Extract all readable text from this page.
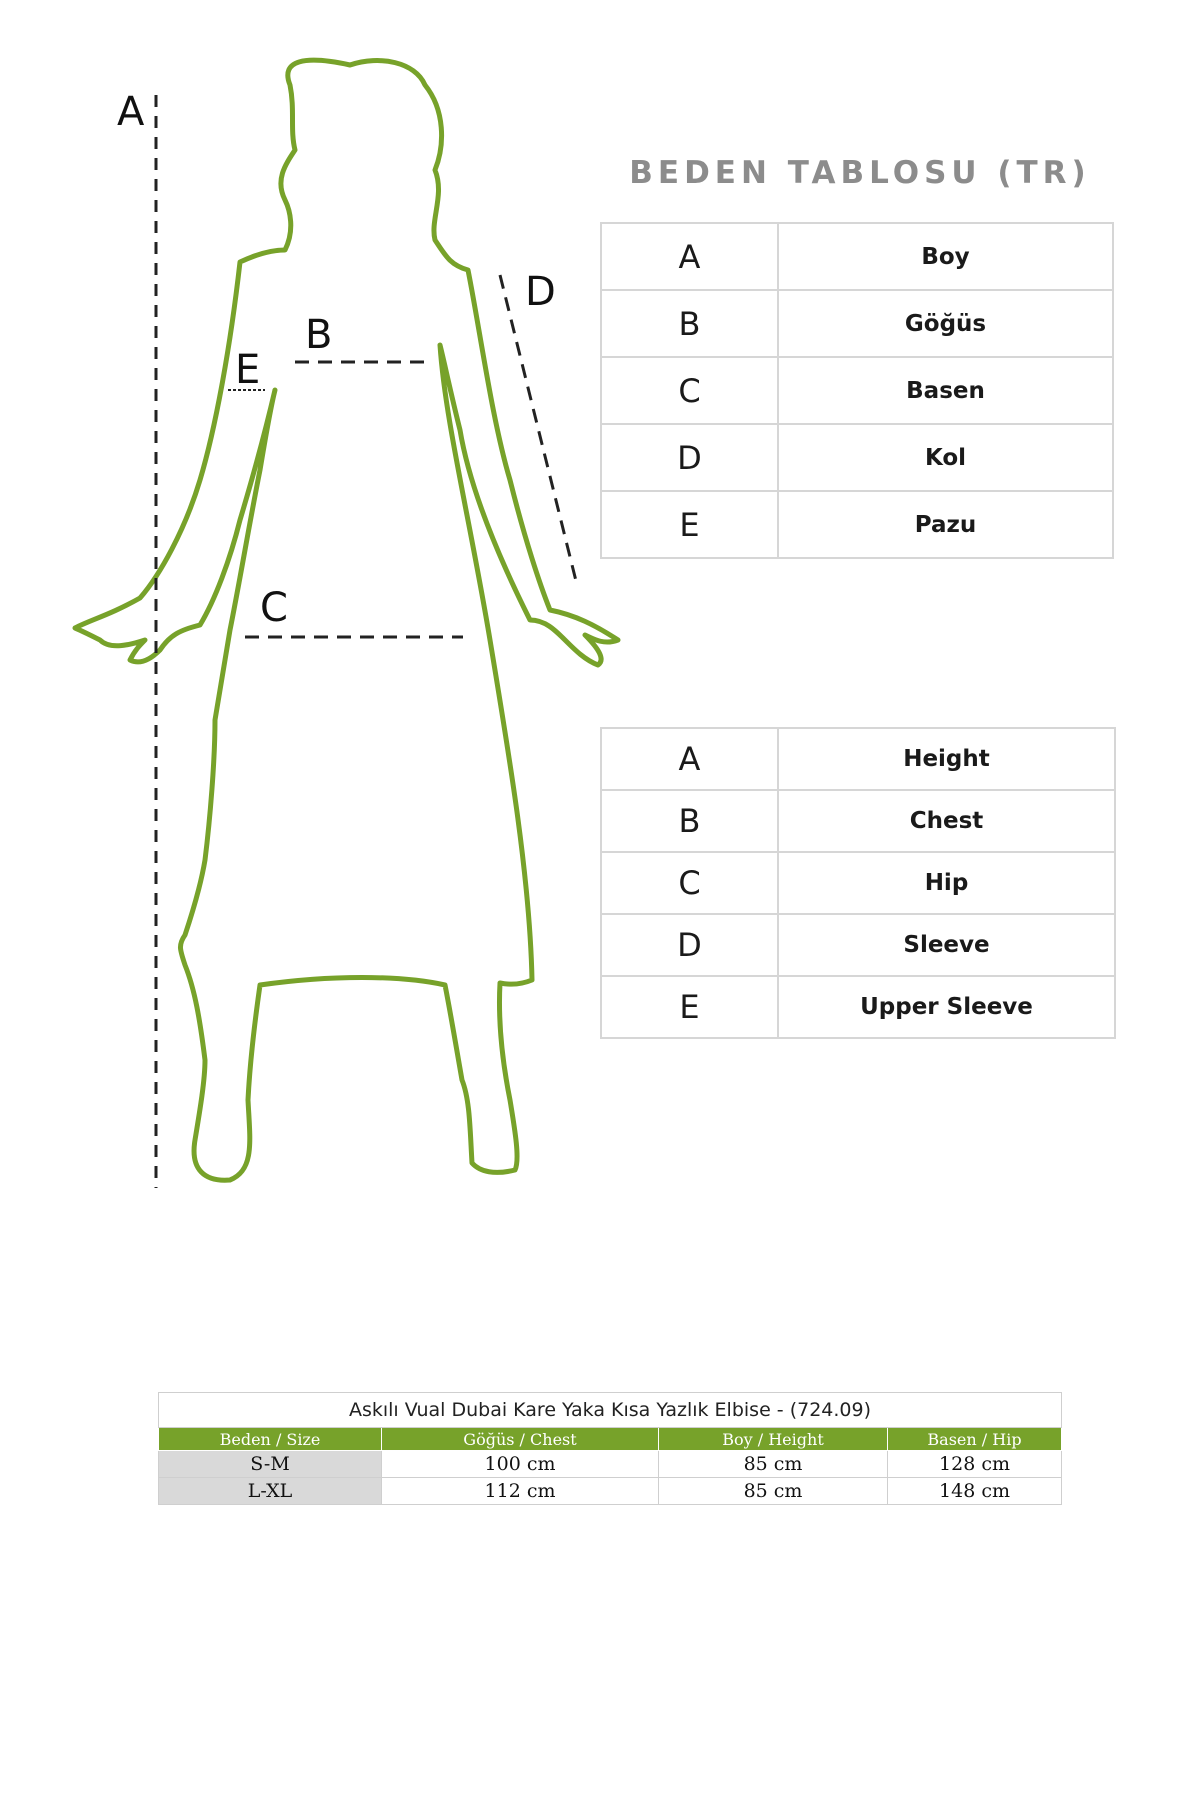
A
B
C
D
E
BEDEN TABLOSU (TR)
A	Boy
B	Göğüs
C	Basen
D	Kol
E	Pazu
A	Height
B	Chest
C	Hip
D	Sleeve
E	Upper Sleeve
Askılı Vual Dubai Kare Yaka Kısa Yazlık Elbise - (724.09)			
Beden / Size	Göğüs / Chest	Boy / Height	Basen / Hip
S-M	100 cm	85 cm	128 cm
L-XL	112 cm	85 cm	148 cm
